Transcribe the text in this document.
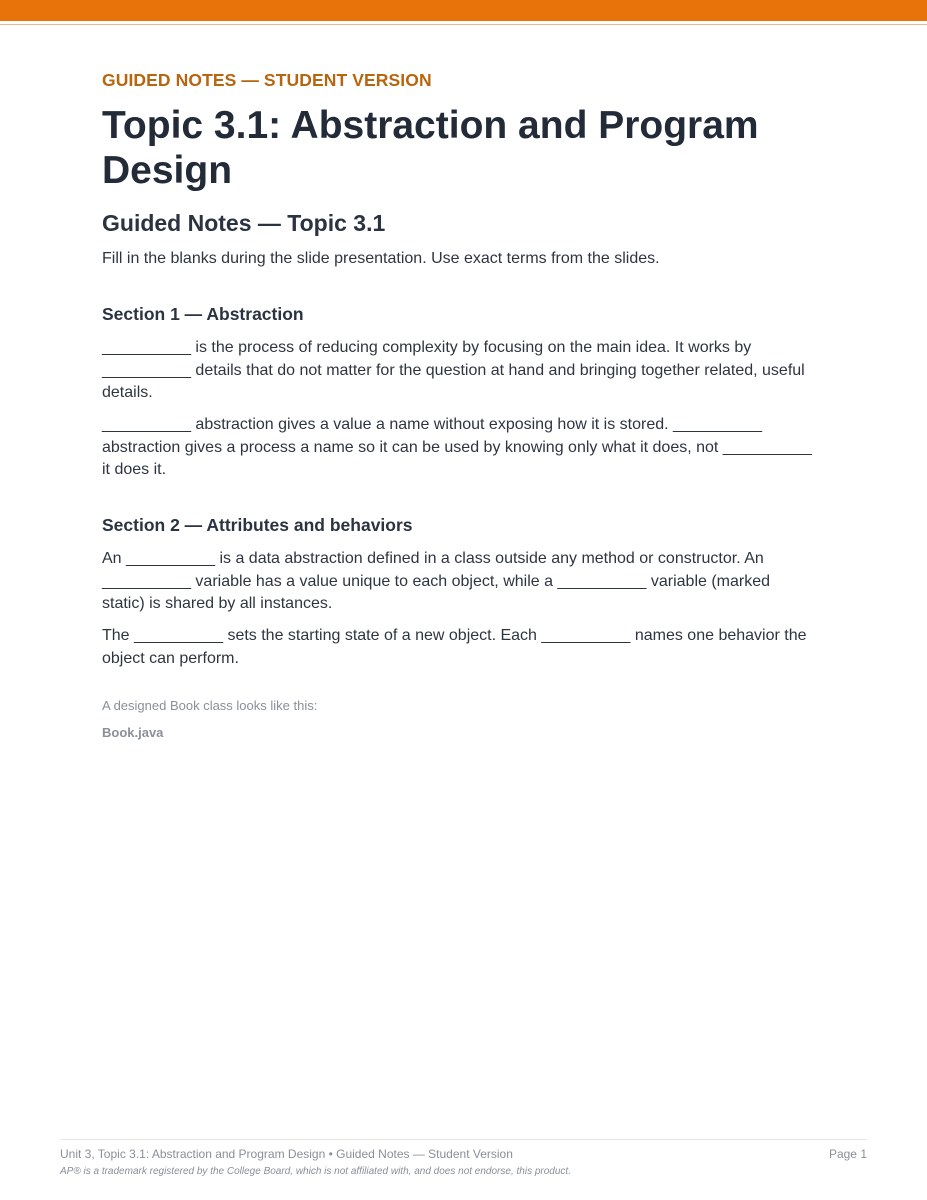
GUIDED NOTES — STUDENT VERSION
Topic 3.1: Abstraction and Program Design
Guided Notes — Topic 3.1

Fill in the blanks during the slide presentation. Use exact terms from the slides.

Section 1 — Abstraction

__________ is the process of reducing complexity by focusing on the main idea. It works by __________ details that do not matter for the question at hand and bringing together related, useful details.

__________ abstraction gives a value a name without exposing how it is stored. __________ abstraction gives a process a name so it can be used by knowing only what it does, not __________ it does it.

Section 2 — Attributes and behaviors

An __________ is a data abstraction defined in a class outside any method or constructor. An __________ variable has a value unique to each object, while a __________ variable (marked static) is shared by all instances.

The __________ sets the starting state of a new object. Each __________ names one behavior the object can perform.

A designed Book class looks like this:

Book.java

Unit 3, Topic 3.1: Abstraction and Program Design • Guided Notes — Student Version	Page 1
AP® is a trademark registered by the College Board, which is not affiliated with, and does not endorse, this product.
